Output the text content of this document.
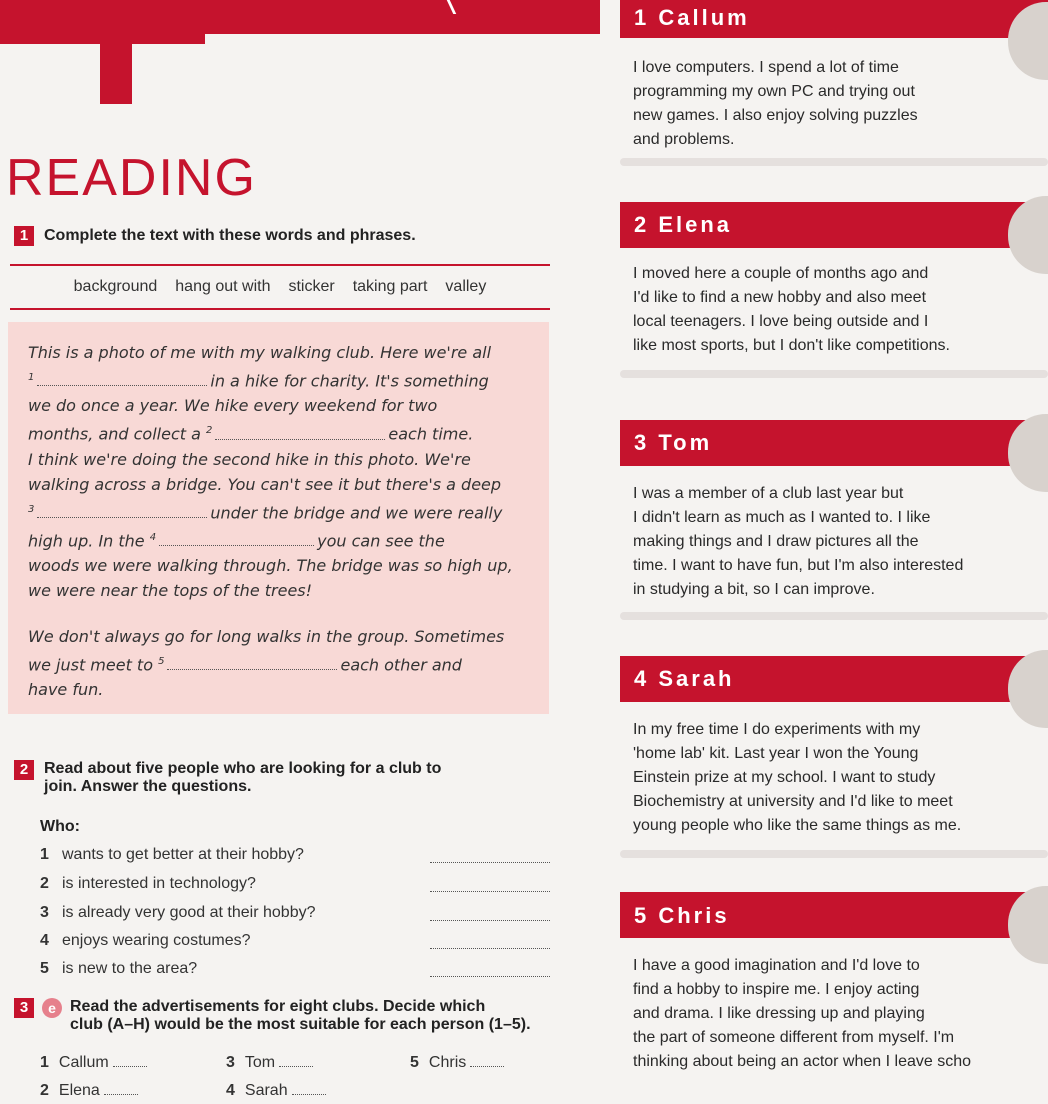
READING
1 Complete the text with these words and phrases.
background hang out with sticker taking part valley
This is a photo of me with my walking club. Here we're all
$^1$	in a hike for charity. It's something
we do once a year. We hike every weekend for two
months, and collect a $^2$	each time.
I think we're doing the second hike in this photo. We're
walking across a bridge. You can't see it but there's a deep
$^3$	under the bridge and we were really
high up. In the $^4$	you can see the
woods we were walking through. The bridge was so high up,
we were near the tops of the trees!
We don't always go for long walks in the group. Sometimes
we just meet to $^5$	each other and
have fun.
2 Read about five people who are looking for a club to
join. Answer the questions.
Who:
1 wants to get better at their hobby?
2 is interested in technology?
3 is already very good at their hobby?
4 enjoys wearing costumes?
5 is new to the area?
3	e Read the advertisements for eight clubs. Decide which
club (A–H) would be the most suitable for each person (1–5).
1 Callum	3 Tom	5 Chris
2 Elena	4 Sarah
1 Callum
I love computers. I spend a lot of time
programming my own PC and trying out
new games. I also enjoy solving puzzles
and problems.
2 Elena
I moved here a couple of months ago and
I'd like to find a new hobby and also meet
local teenagers. I love being outside and I
like most sports, but I don't like competitions.
3 Tom
I was a member of a club last year but
I didn't learn as much as I wanted to. I like
making things and I draw pictures all the
time. I want to have fun, but I'm also interested
in studying a bit, so I can improve.
4 Sarah
In my free time I do experiments with my
'home lab' kit. Last year I won the Young
Einstein prize at my school. I want to study
Biochemistry at university and I'd like to meet
young people who like the same things as me.
5 Chris
I have a good imagination and I'd love to
find a hobby to inspire me. I enjoy acting
and drama. I like dressing up and playing
the part of someone different from myself. I'm
thinking about being an actor when I leave scho
